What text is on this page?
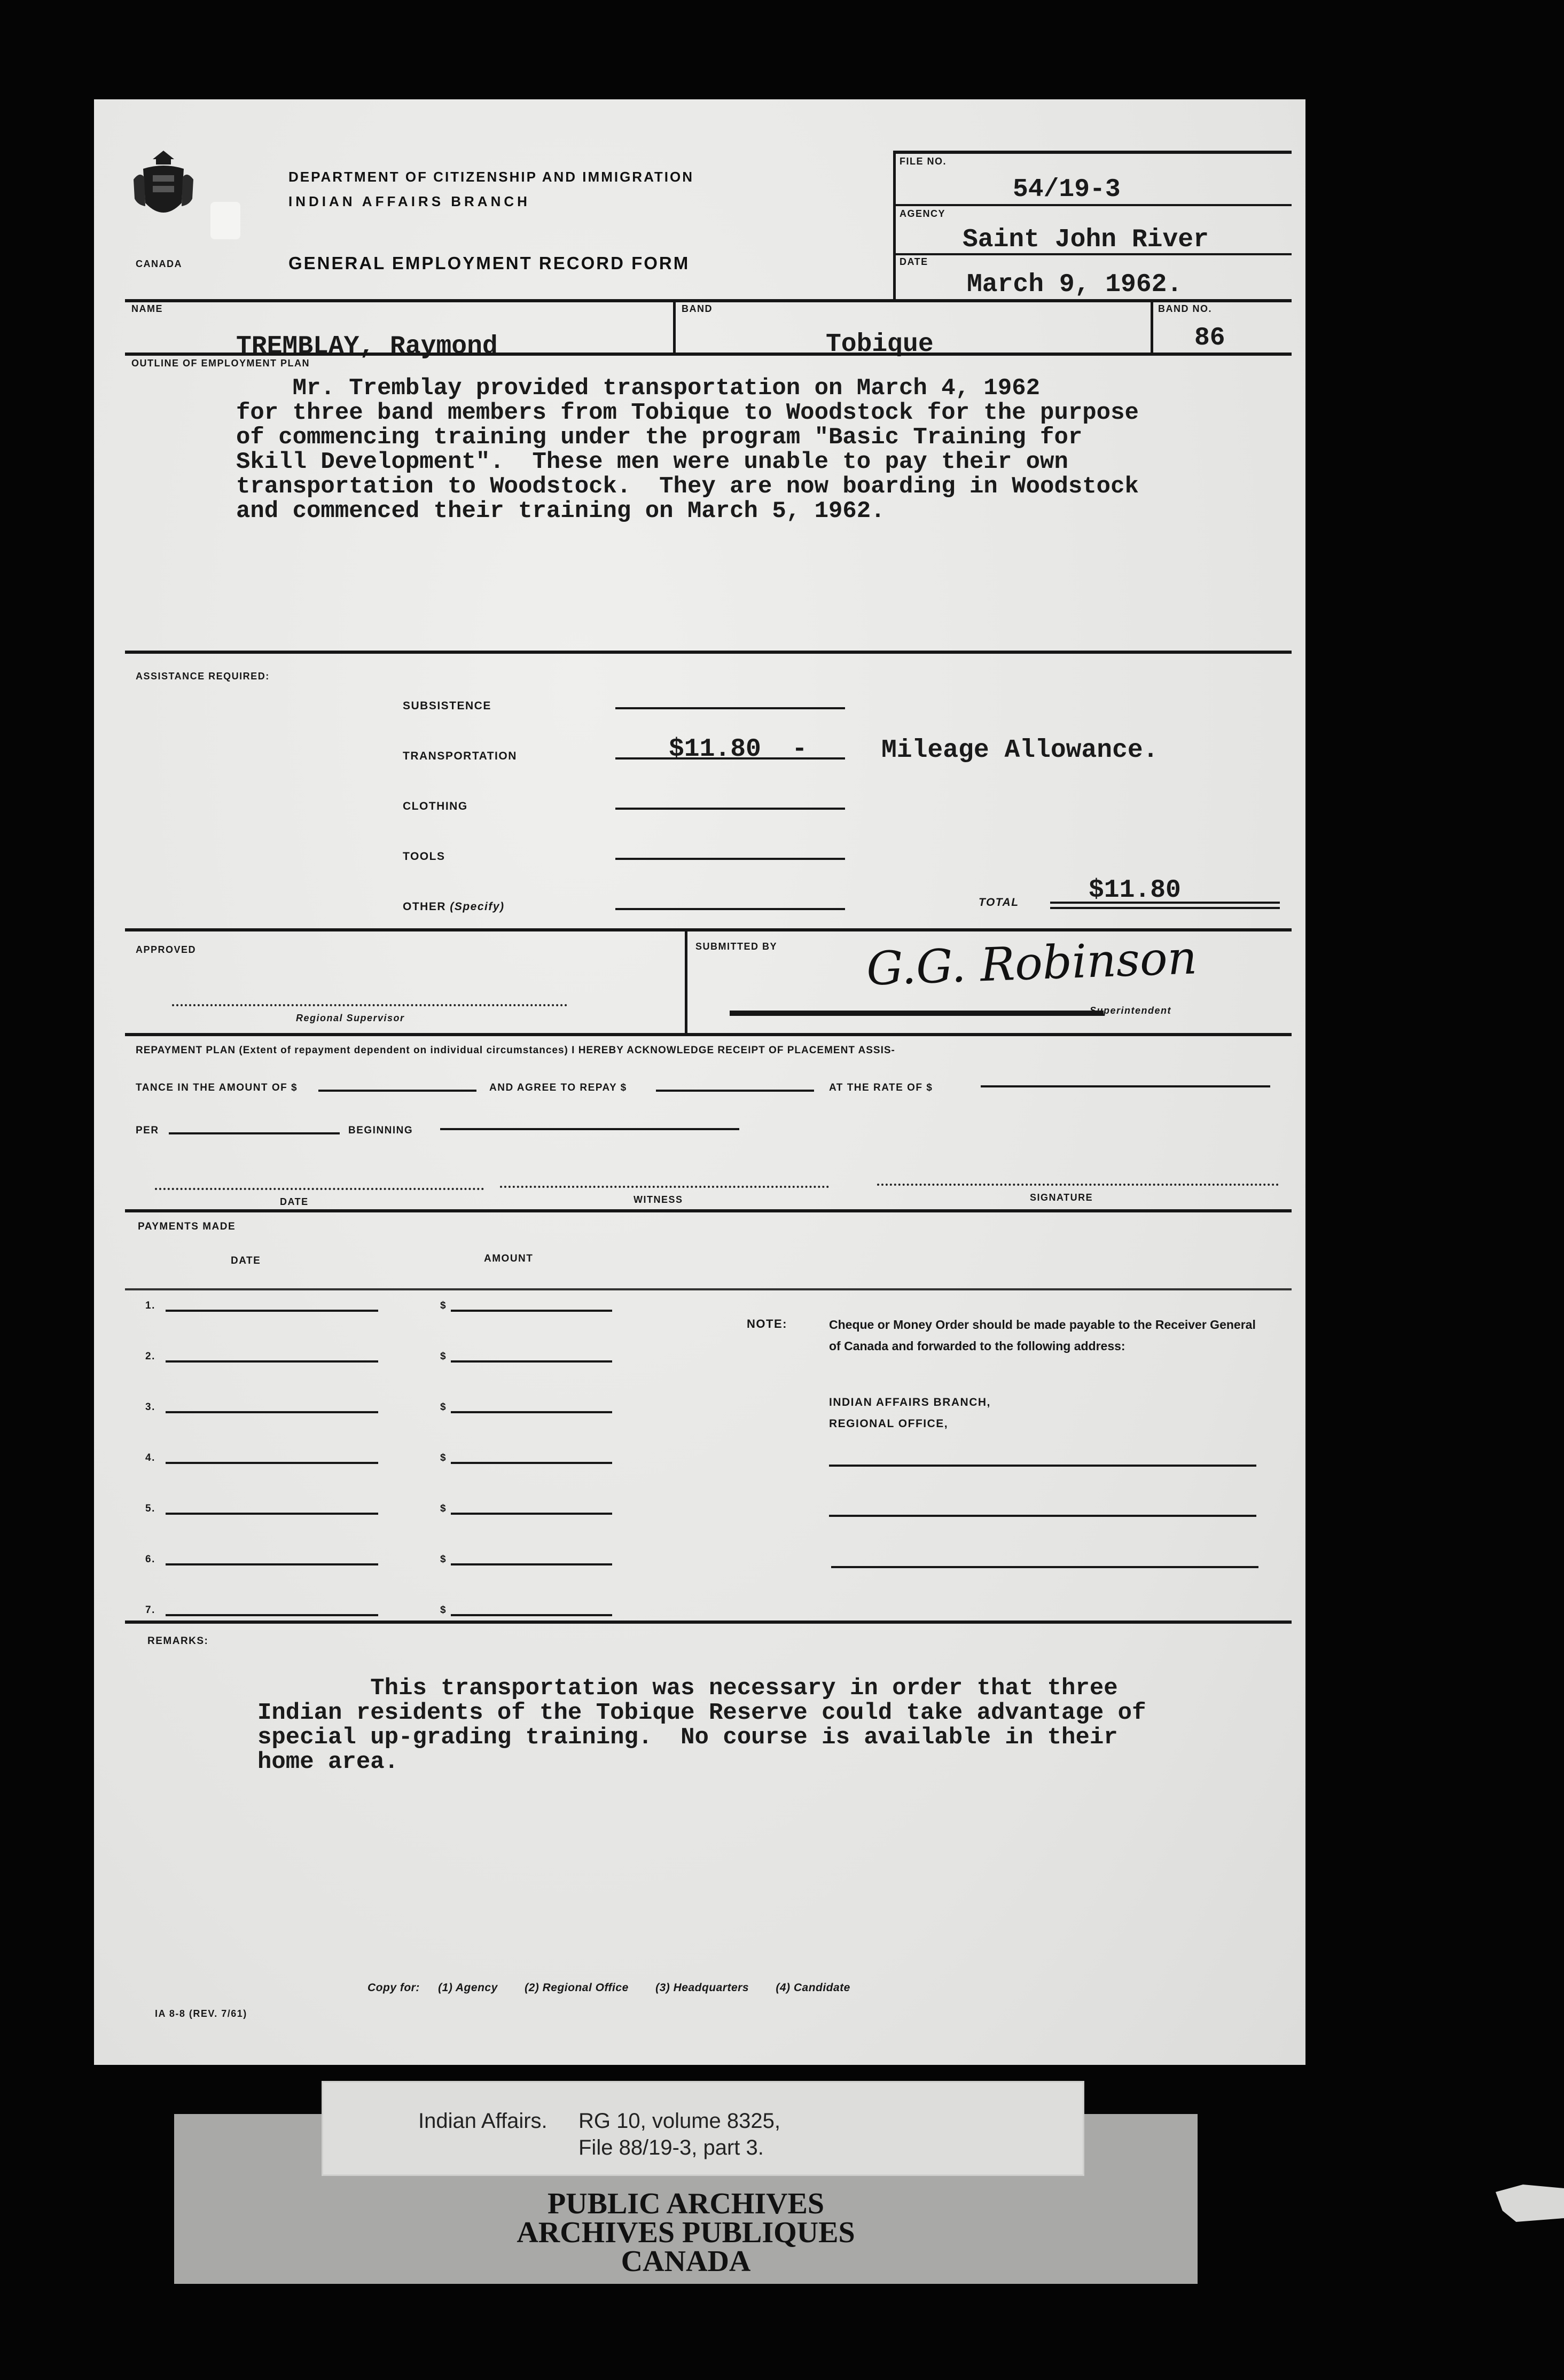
CANADA
DEPARTMENT OF CITIZENSHIP AND IMMIGRATION
INDIAN AFFAIRS BRANCH
GENERAL EMPLOYMENT RECORD FORM
FILE NO.
54/19-3
AGENCY
Saint John River
DATE
March 9, 1962.
NAME
TREMBLAY, Raymond
BAND
Tobique
BAND NO.
86
OUTLINE OF EMPLOYMENT PLAN
Mr. Tremblay provided transportation on March 4, 1962
for three band members from Tobique to Woodstock for the purpose
of commencing training under the program "Basic Training for
Skill Development".  These men were unable to pay their own
transportation to Woodstock.  They are now boarding in Woodstock
and commenced their training on March 5, 1962.
ASSISTANCE REQUIRED:
SUBSISTENCE
TRANSPORTATION	$11.80  -	Mileage Allowance.
CLOTHING
TOOLS
OTHER (Specify)	TOTAL	$11.80
APPROVED
Regional Supervisor
SUBMITTED BY G.G. Robinson
Superintendent
REPAYMENT PLAN (Extent of repayment dependent on individual circumstances) I HEREBY ACKNOWLEDGE RECEIPT OF PLACEMENT ASSIS-
TANCE IN THE AMOUNT OF $	AND AGREE TO REPAY $	AT THE RATE OF $
PER	BEGINNING
DATE	WITNESS	SIGNATURE
PAYMENTS MADE
DATE	AMOUNT
NOTE:	Cheque or Money Order should be made payable to the Receiver General of Canada and forwarded to the following address:
INDIAN AFFAIRS BRANCH,
REGIONAL OFFICE,
REMARKS:
This transportation was necessary in order that three
Indian residents of the Tobique Reserve could take advantage of
special up-grading training.  No course is available in their
home area.
IA 8-8 (REV. 7/61)
Copy for: (1) Agency (2) Regional Office (3) Headquarters (4) Candidate
1.	$
2.	$
3.	$
4.	$
5.	$
6.	$
7.	$
PUBLIC ARCHIVES
ARCHIVES PUBLIQUES
CANADA
Indian Affairs. RG 10, volume 8325,
File 88/19-3, part 3.
